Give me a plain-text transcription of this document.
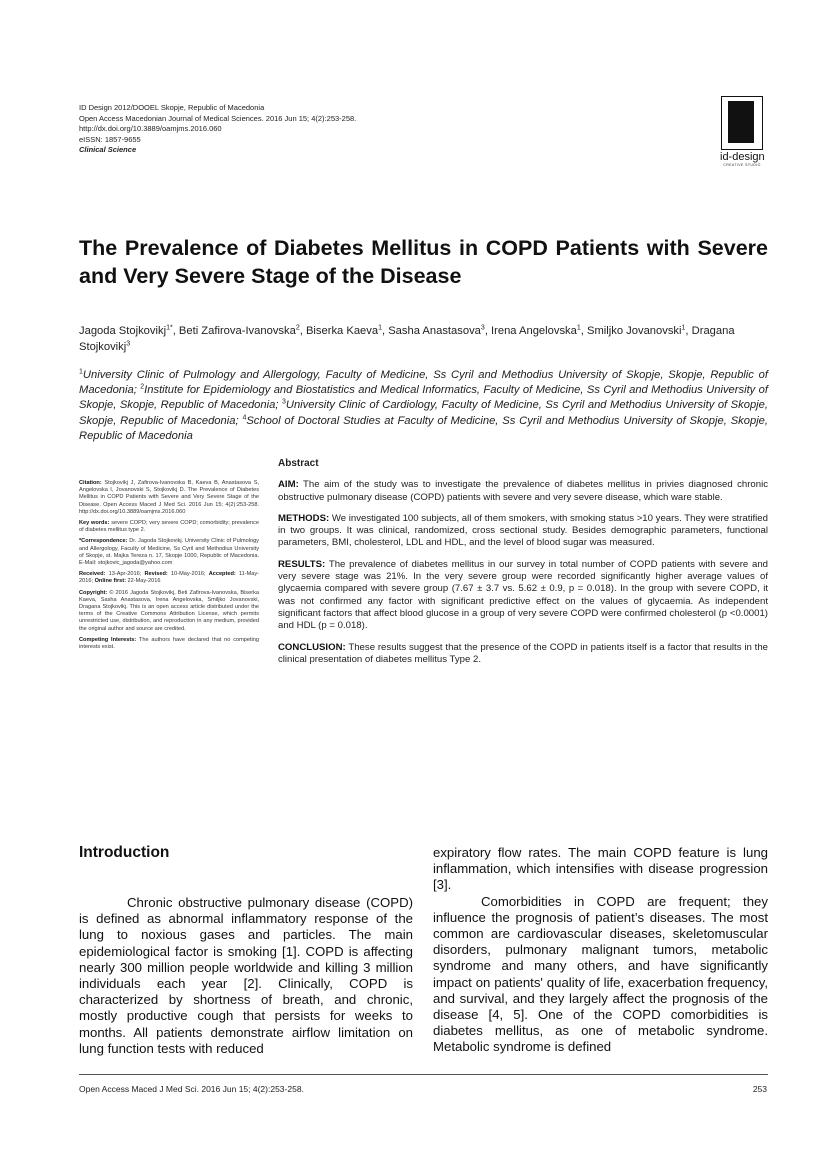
ID Design 2012/DOOEL Skopje, Republic of Macedonia
Open Access Macedonian Journal of Medical Sciences. 2016 Jun 15; 4(2):253-258.
http://dx.doi.org/10.3889/oamjms.2016.060
eISSN: 1857-9655
Clinical Science
id-design
CREATIVE STUDIO
The Prevalence of Diabetes Mellitus in COPD Patients with Severe and Very Severe Stage of the Disease
Jagoda Stojkovikj$^{1*}$, Beti Zafirova-Ivanovska$^2$, Biserka Kaeva$^1$, Sasha Anastasova$^3$, Irena Angelovska$^1$, Smiljko Jovanovski$^1$, Dragana Stojkovikj$^3$
$^1$University Clinic of Pulmology and Allergology, Faculty of Medicine, Ss Cyril and Methodius University of Skopje, Skopje, Republic of Macedonia; $^2$Institute for Epidemiology and Biostatistics and Medical Informatics, Faculty of Medicine, Ss Cyril and Methodius University of Skopje, Skopje, Republic of Macedonia; $^3$University Clinic of Cardiology, Faculty of Medicine, Ss Cyril and Methodius University of Skopje, Skopje, Republic of Macedonia; $^4$School of Doctoral Studies at Faculty of Medicine, Ss Cyril and Methodius University of Skopje, Skopje, Republic of Macedonia

Citation: Stojkovikj J, Zafirova-Ivanovska B, Kaeva B, Anastasova S, Angelovska I, Jovanovski S, Stojkovikj D. The Prevalence of Diabetes Mellitus in COPD Patients with Severe and Very Severe Stage of the Disease. Open Access Maced J Med Sci. 2016 Jun 15; 4(2):253-258. http://dx.doi.org/10.3889/oamjms.2016.060

Key words: severe COPD; very severe COPD; comorbidity; prevalence of diabetes mellitus type 2.

*Correspondence: Dr. Jagoda Stojkovikj. University Clinic of Pulmology and Allergology, Faculty of Medicine, Ss Cyril and Methodius University of Skopje, st. Majka Tereza n. 17, Skopje 1000, Republic of Macedonia. E-Mail: stojkovic_jagoda@yahoo.com

Received: 13-Apr-2016; Revised: 10-May-2016; Accepted: 11-May-2016; Online first: 22-May-2016

Copyright: © 2016 Jagoda Stojkovikj, Beti Zafirova-Ivanovska, Biserka Kaeva, Sasha Anastasova, Irena Angelovska, Smiljko Jovanovski, Dragana Stojkovikj. This is an open access article distributed under the terms of the Creative Commons Attribution License, which permits unrestricted use, distribution, and reproduction in any medium, provided the original author and source are credited.

Competing Interests: The authors have declared that no competing interests exist.

Abstract

AIM: The aim of the study was to investigate the prevalence of diabetes mellitus in privies diagnosed chronic obstructive pulmonary disease (COPD) patients with severe and very severe disease, which ware stable.

METHODS: We investigated 100 subjects, all of them smokers, with smoking status >10 years. They were stratified in two groups. It was clinical, randomized, cross sectional study. Besides demographic parameters, functional parameters, BMI, cholesterol, LDL and HDL, and the level of blood sugar was measured.

RESULTS: The prevalence of diabetes mellitus in our survey in total number of COPD patients with severe and very severe stage was 21%. In the very severe group were recorded significantly higher average values of glycaemia compared with severe group (7.67 ± 3.7 vs. 5.62 ± 0.9, p = 0.018). In the group with severe COPD, it was not confirmed any factor with significant predictive effect on the values of glycaemia. As independent significant factors that affect blood glucose in a group of very severe COPD were confirmed cholesterol (p <0.0001) and HDL (p = 0.018).

CONCLUSION: These results suggest that the presence of the COPD in patients itself is a factor that results in the clinical presentation of diabetes mellitus Type 2.

Introduction

Chronic obstructive pulmonary disease (COPD) is defined as abnormal inflammatory response of the lung to noxious gases and particles. The main epidemiological factor is smoking [1]. COPD is affecting nearly 300 million people worldwide and killing 3 million individuals each year [2]. Clinically, COPD is characterized by shortness of breath, and chronic, mostly productive cough that persists for weeks to months. All patients demonstrate airflow limitation on lung function tests with reduced

expiratory flow rates. The main COPD feature is lung inflammation, which intensifies with disease progression [3].

Comorbidities in COPD are frequent; they influence the prognosis of patient’s diseases. The most common are cardiovascular diseases, skeletomuscular disorders, pulmonary malignant tumors, metabolic syndrome and many others, and have significantly impact on patients' quality of life, exacerbation frequency, and survival, and they largely affect the prognosis of the disease [4, 5]. One of the COPD comorbidities is diabetes mellitus, as one of metabolic syndrome. Metabolic syndrome is defined

Open Access Maced J Med Sci. 2016 Jun 15; 4(2):253-258.	253
